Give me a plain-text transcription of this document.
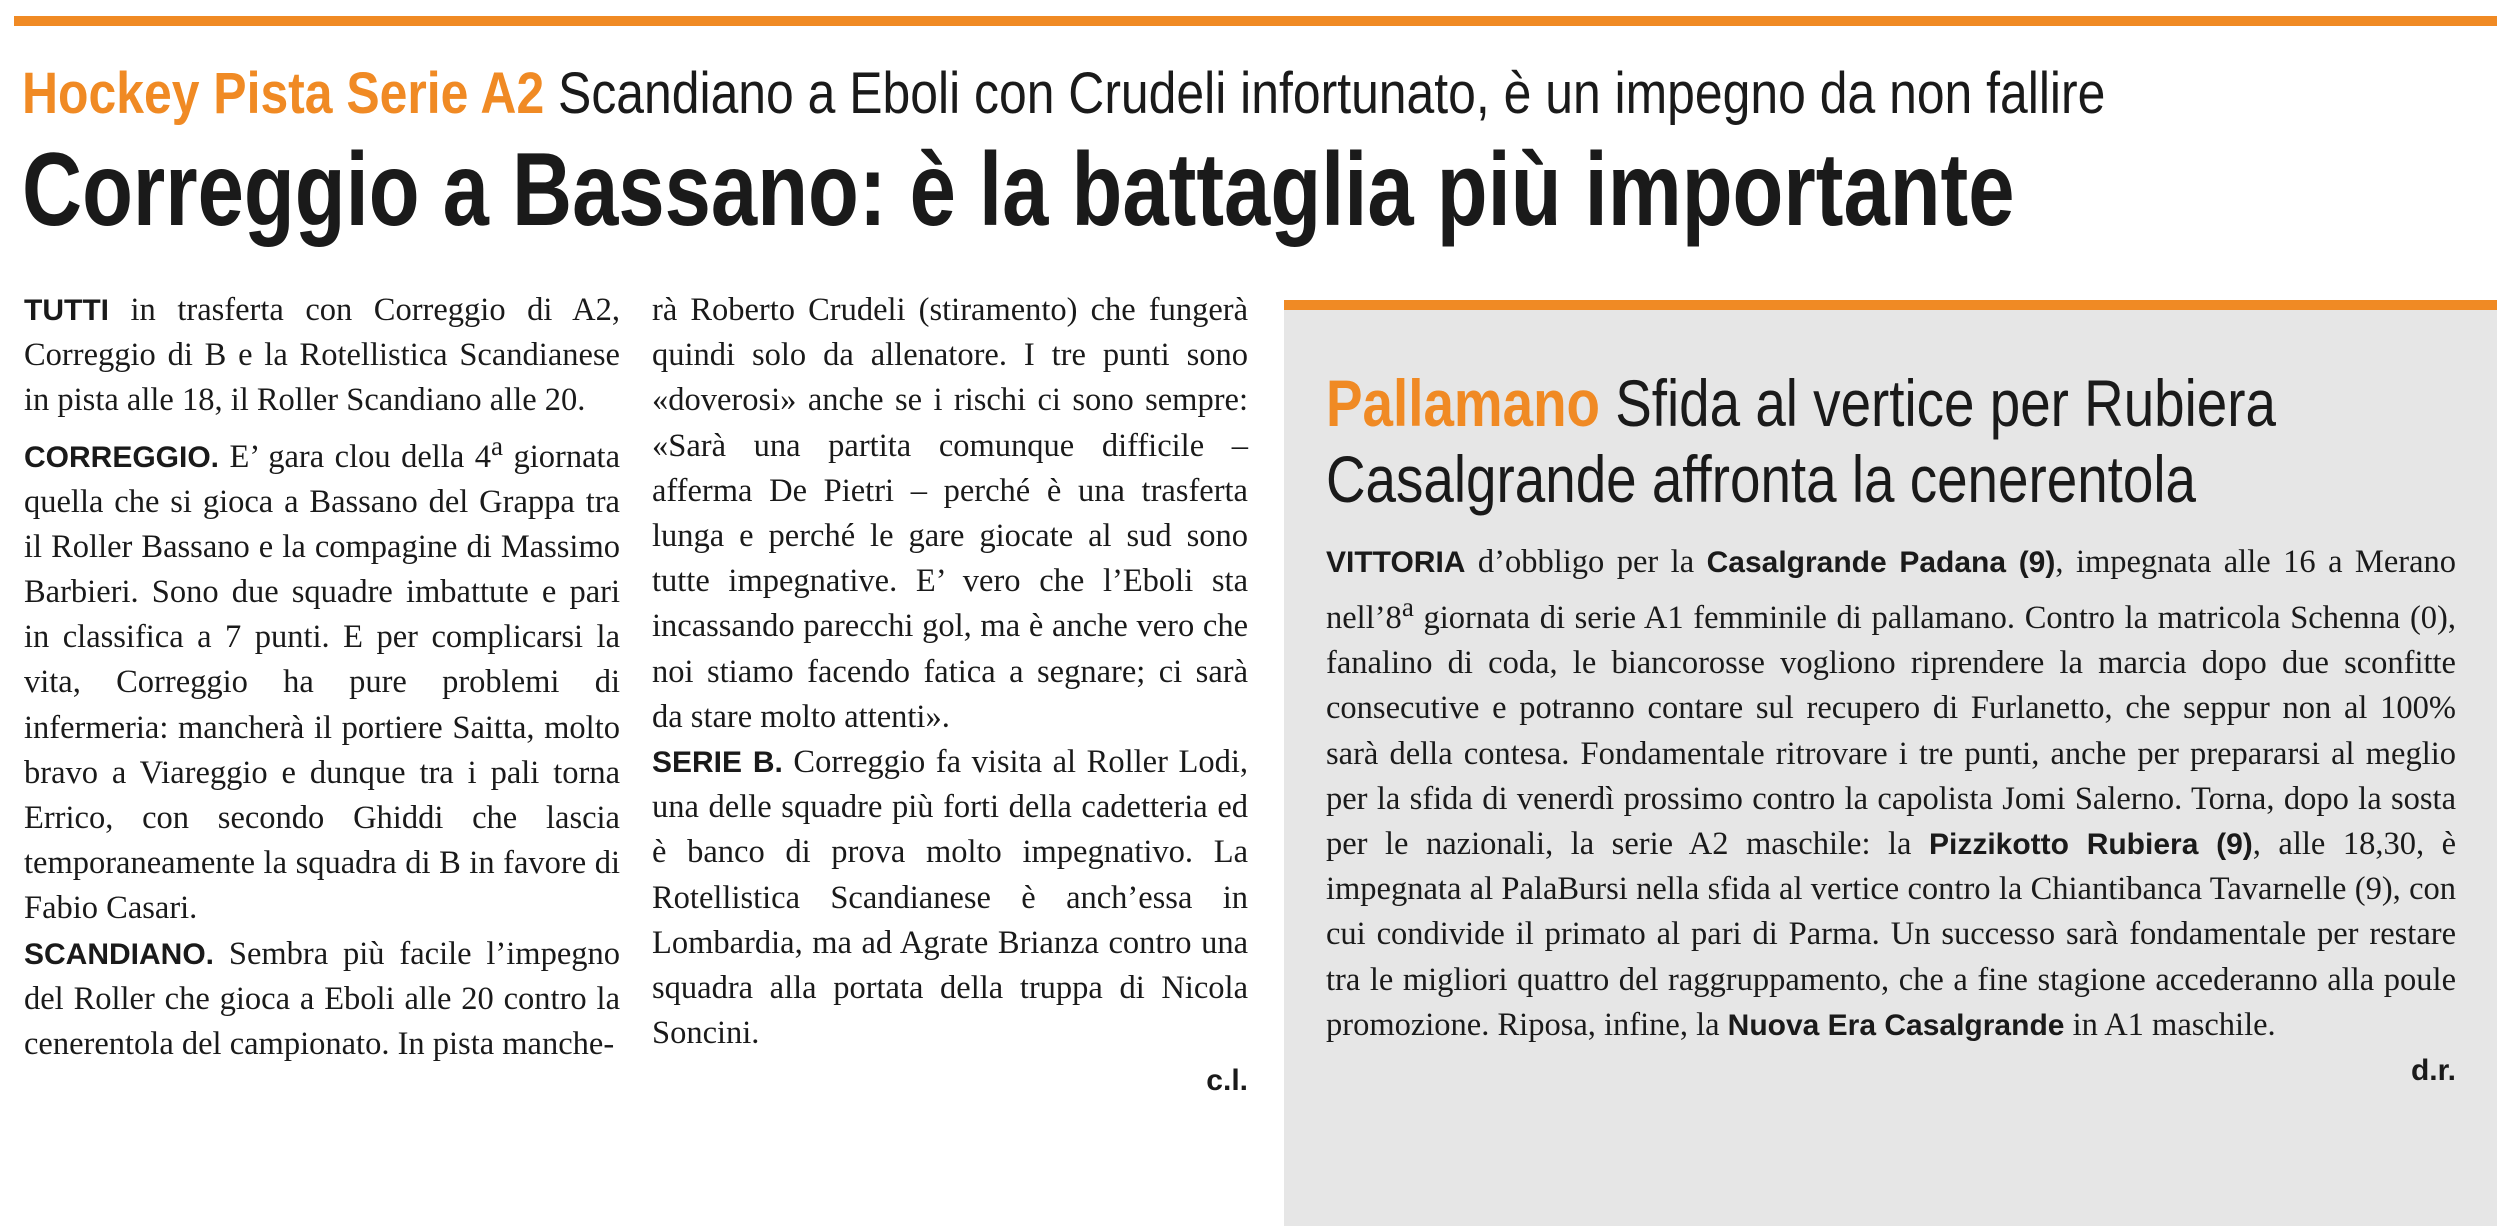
Hockey Pista Serie A2 Scandiano a Eboli con Crudeli infortunato, è un impegno da non fallire
Correggio a Bassano: è la battaglia più importante

TUTTI in trasferta con Correggio di A2, Correggio di B e la Rotellistica Scandianese in pista alle 18, il Roller Scandiano alle 20.

CORREGGIO. E’ gara clou della 4$^a$ giornata quella che si gioca a Bassano del Grappa tra il Roller Bassano e la compagine di Massimo Barbieri. Sono due squadre imbattute e pari in classifica a 7 punti. E per complicarsi la vita, Correggio ha pure problemi di infermeria: mancherà il portiere Saitta, molto bravo a Viareggio e dunque tra i pali torna Errico, con secondo Ghiddi che lascia temporaneamente la squadra di B in favore di Fabio Casari.

SCANDIANO. Sembra più facile l’impegno del Roller che gioca a Eboli alle 20 contro la cenerentola del campionato. In pista manche-

rà Roberto Crudeli (stiramento) che fungerà quindi solo da allenatore. I tre punti sono «doverosi» anche se i rischi ci sono sempre: «Sarà una partita comunque difficile – afferma De Pietri – perché è una trasferta lunga e perché le gare giocate al sud sono tutte impegnative. E’ vero che l’Eboli sta incassando parecchi gol, ma è anche vero che noi stiamo facendo fatica a segnare; ci sarà da stare molto attenti».

SERIE B. Correggio fa visita al Roller Lodi, una delle squadre più forti della cadetteria ed è banco di prova molto impegnativo. La Rotellistica Scandianese è anch’essa in Lombardia, ma ad Agrate Brianza contro una squadra alla portata della truppa di Nicola Soncini.

c.l.
Pallamano Sfida al vertice per Rubiera
Casalgrande affronta la cenerentola

VITTORIA d’obbligo per la Casalgrande Padana (9), impegnata alle 16 a Merano nell’8$^a$ giornata di serie A1 femminile di pallamano. Contro la matricola Schenna (0), fanalino di coda, le biancorosse vogliono riprendere la marcia dopo due sconfitte consecutive e potranno contare sul recupero di Furlanetto, che seppur non al 100% sarà della contesa. Fondamentale ritrovare i tre punti, anche per prepararsi al meglio per la sfida di venerdì prossimo contro la capolista Jomi Salerno. Torna, dopo la sosta per le nazionali, la serie A2 maschile: la Pizzikotto Rubiera (9), alle 18,30, è impegnata al PalaBursi nella sfida al vertice contro la Chiantibanca Tavarnelle (9), con cui condivide il primato al pari di Parma. Un successo sarà fondamentale per restare tra le migliori quattro del raggruppamento, che a fine stagione accederanno alla poule promozione. Riposa, infine, la Nuova Era Casalgrande in A1 maschile.

d.r.
